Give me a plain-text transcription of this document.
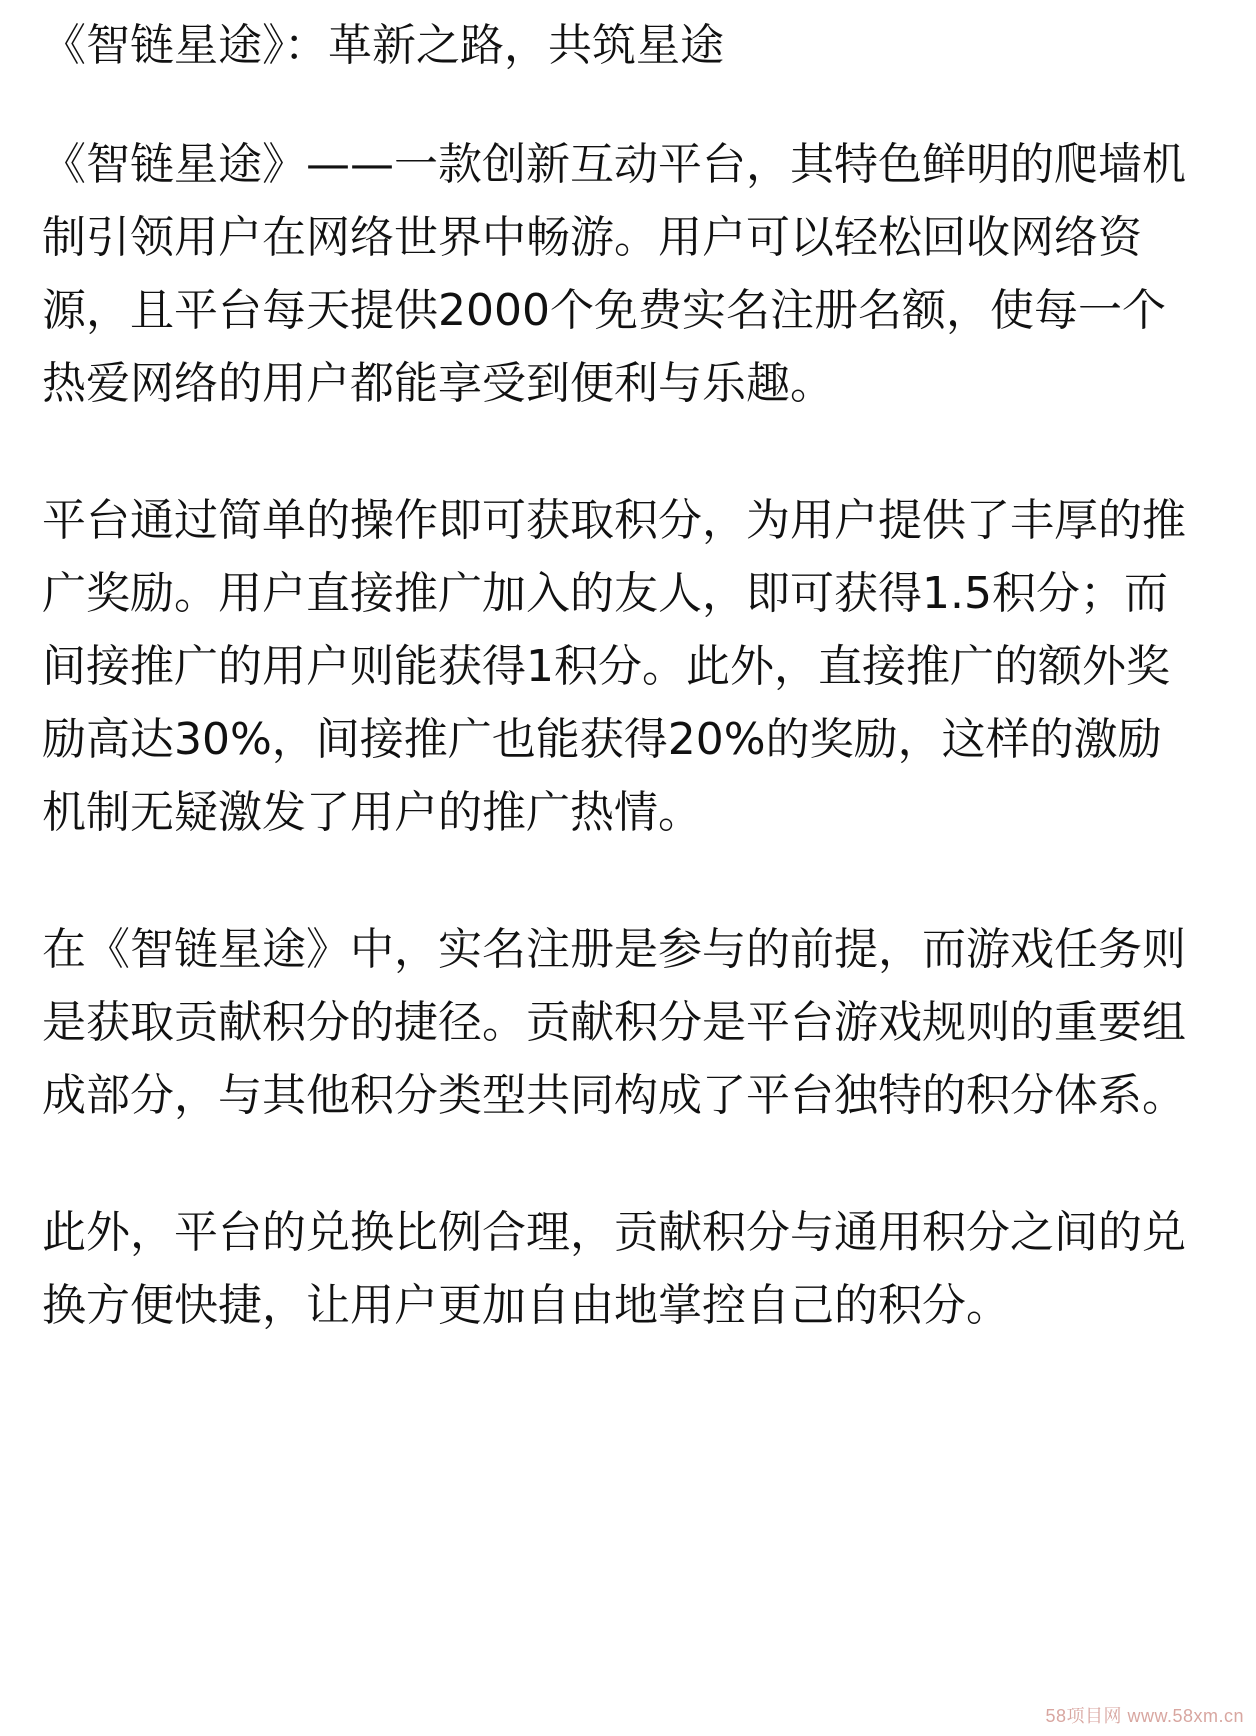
《智链星途》：革新之路，共筑星途

《智链星途》——一款创新互动平台，其特色鲜明的爬墙机制引领用户在网络世界中畅游。用户可以轻松回收网络资源，且平台每天提供2000个免费实名注册名额，使每一个热爱网络的用户都能享受到便利与乐趣。

平台通过简单的操作即可获取积分，为用户提供了丰厚的推广奖励。用户直接推广加入的友人，即可获得1.5积分；而间接推广的用户则能获得1积分。此外，直接推广的额外奖励高达30%，间接推广也能获得20%的奖励，这样的激励机制无疑激发了用户的推广热情。

在《智链星途》中，实名注册是参与的前提，而游戏任务则是获取贡献积分的捷径。贡献积分是平台游戏规则的重要组成部分，与其他积分类型共同构成了平台独特的积分体系。

此外，平台的兑换比例合理，贡献积分与通用积分之间的兑换方便快捷，让用户更加自由地掌控自己的积分。

58项目网 www.58xm.cn
